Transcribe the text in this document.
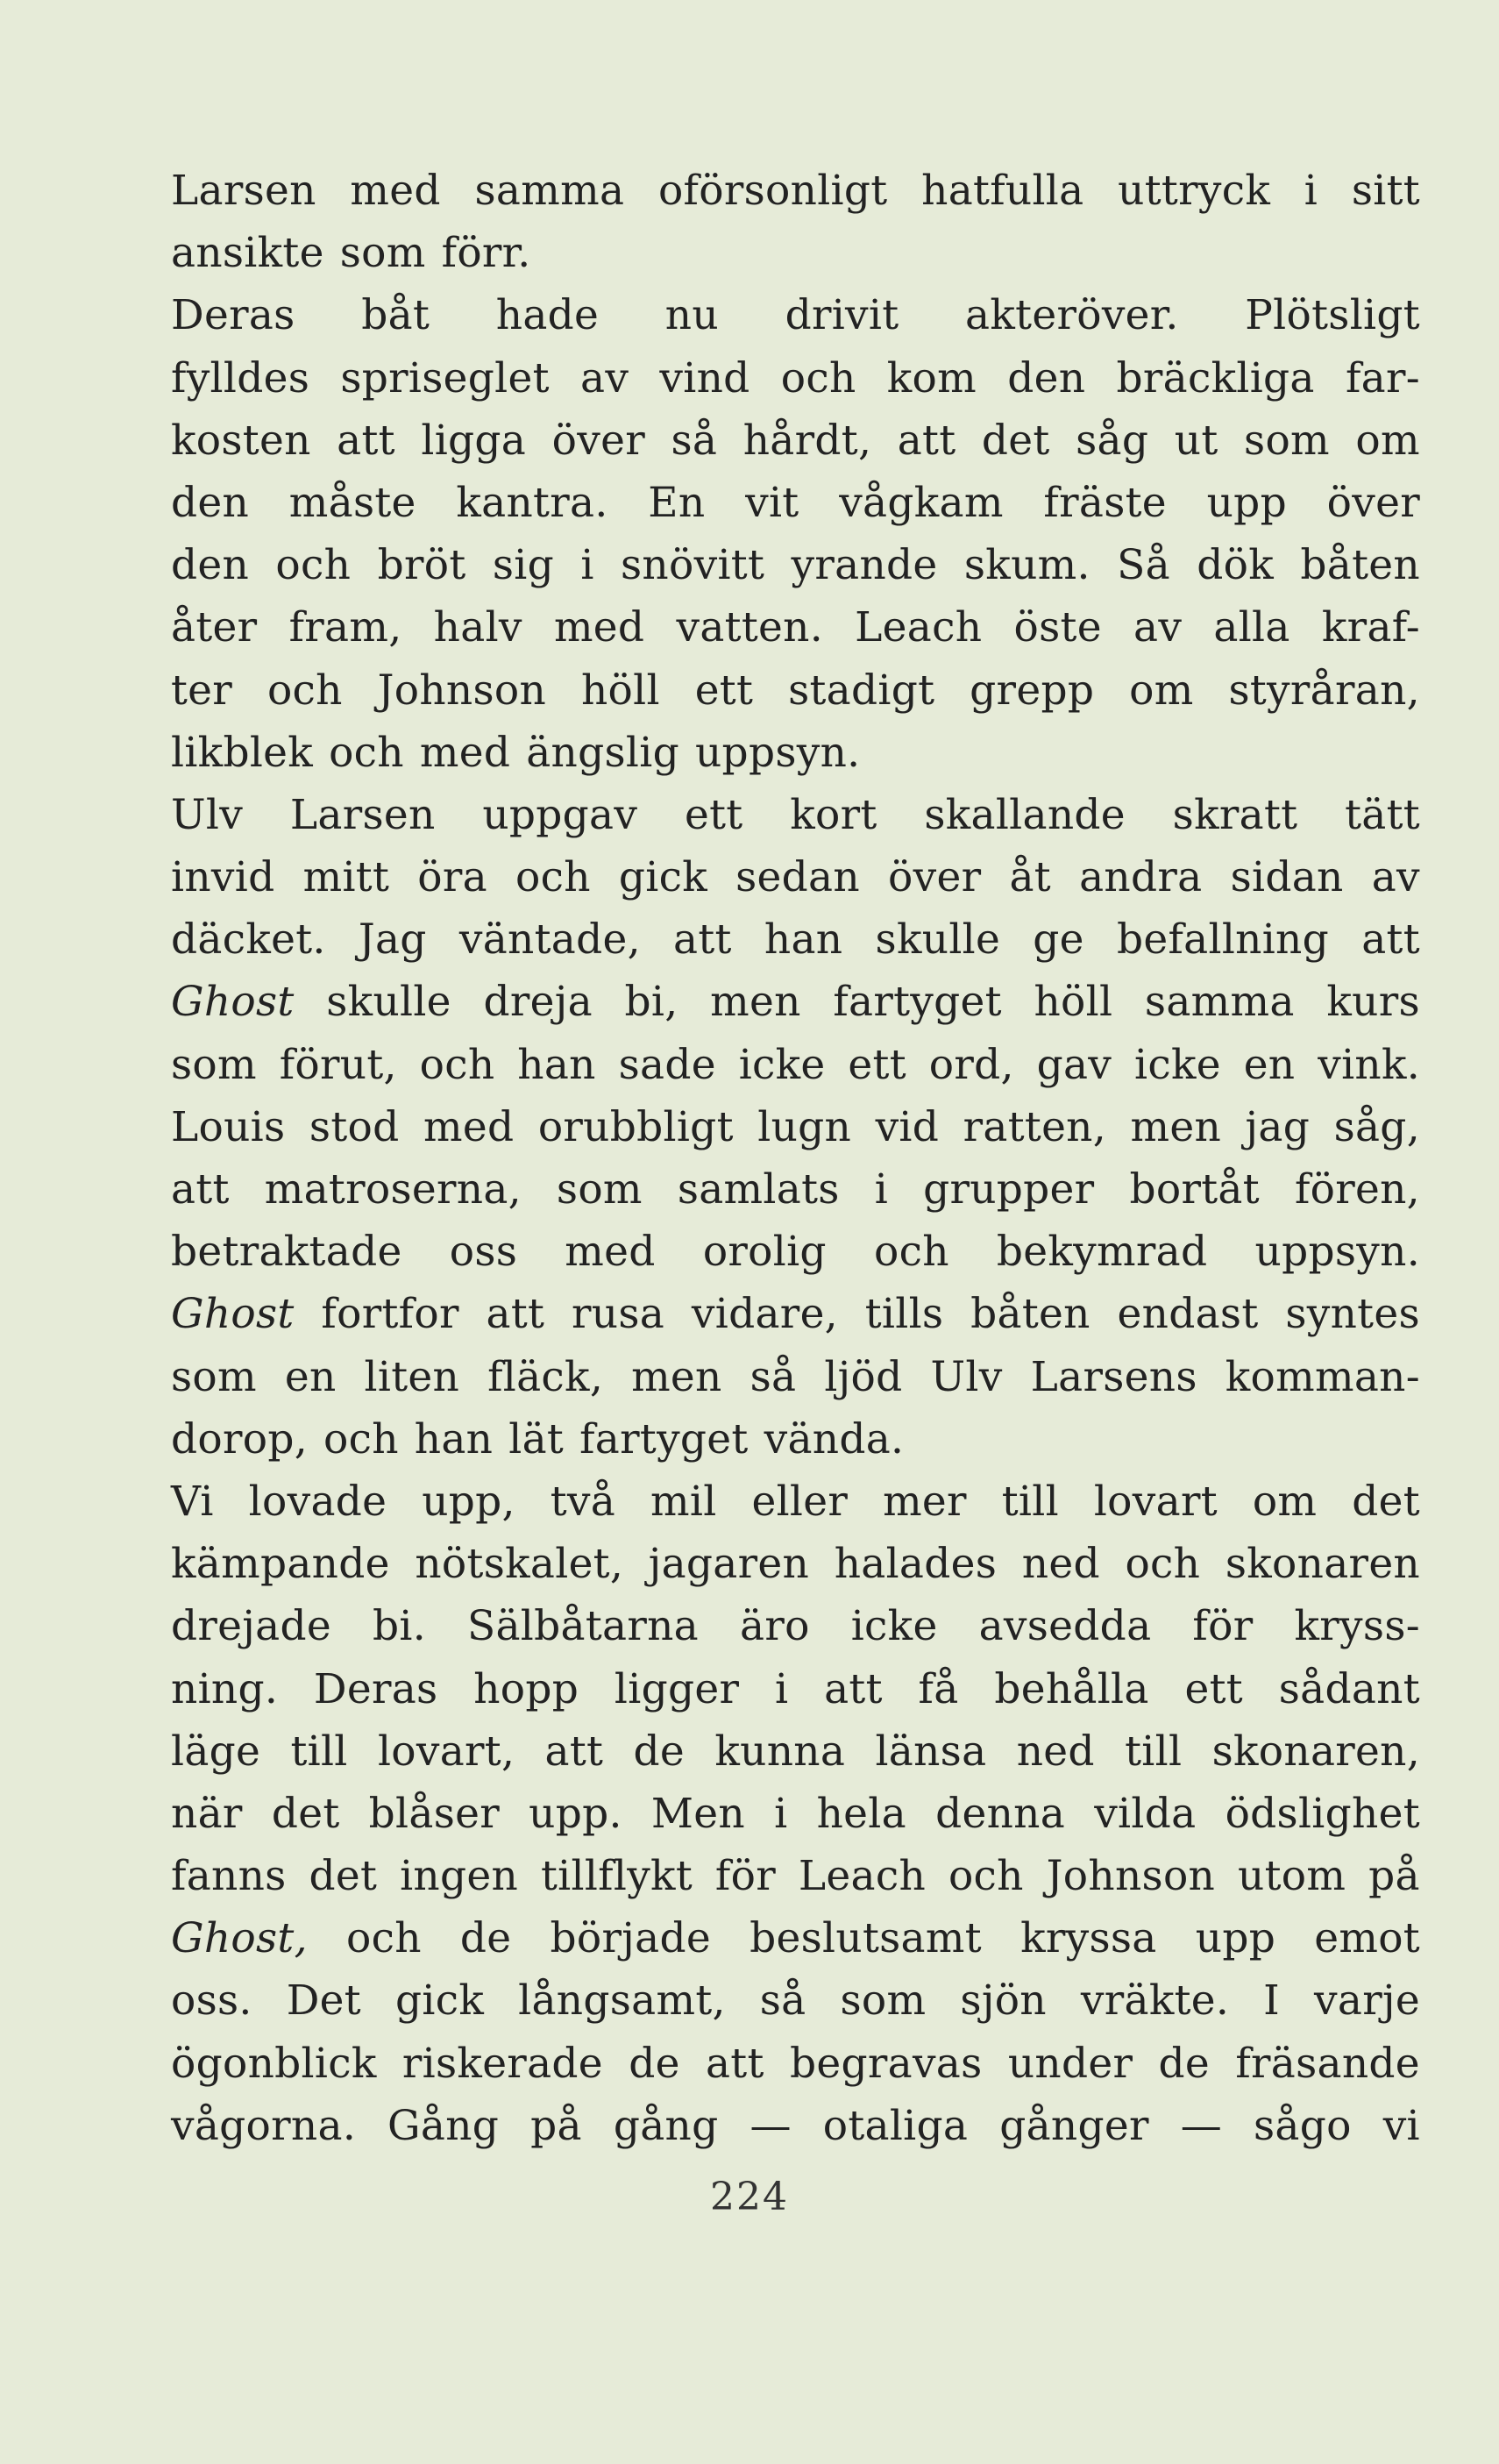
Larsen med samma oförsonligt hatfulla uttryck i sitt
ansikte som förr.
Deras båt hade nu drivit akteröver. Plötsligt
fylldes spriseglet av vind och kom den bräckliga far-
kosten att ligga över så hårdt, att det såg ut som om
den måste kantra. En vit vågkam fräste upp över
den och bröt sig i snövitt yrande skum. Så dök båten
åter fram, halv med vatten. Leach öste av alla kraf-
ter och Johnson höll ett stadigt grepp om styråran,
likblek och med ängslig uppsyn.
Ulv Larsen uppgav ett kort skallande skratt tätt
invid mitt öra och gick sedan över åt andra sidan av
däcket. Jag väntade, att han skulle ge befallning att
Ghost skulle dreja bi, men fartyget höll samma kurs
som förut, och han sade icke ett ord, gav icke en vink.
Louis stod med orubbligt lugn vid ratten, men jag såg,
att matroserna, som samlats i grupper bortåt fören,
betraktade oss med orolig och bekymrad uppsyn.
Ghost fortfor att rusa vidare, tills båten endast syntes
som en liten fläck, men så ljöd Ulv Larsens komman-
dorop, och han lät fartyget vända.
Vi lovade upp, två mil eller mer till lovart om det
kämpande nötskalet, jagaren halades ned och skonaren
drejade bi. Sälbåtarna äro icke avsedda för kryss-
ning. Deras hopp ligger i att få behålla ett sådant
läge till lovart, att de kunna länsa ned till skonaren,
när det blåser upp. Men i hela denna vilda ödslighet
fanns det ingen tillflykt för Leach och Johnson utom på
Ghost, och de började beslutsamt kryssa upp emot
oss. Det gick långsamt, så som sjön vräkte. I varje
ögonblick riskerade de att begravas under de fräsande
vågorna. Gång på gång — otaliga gånger — sågo vi
224
